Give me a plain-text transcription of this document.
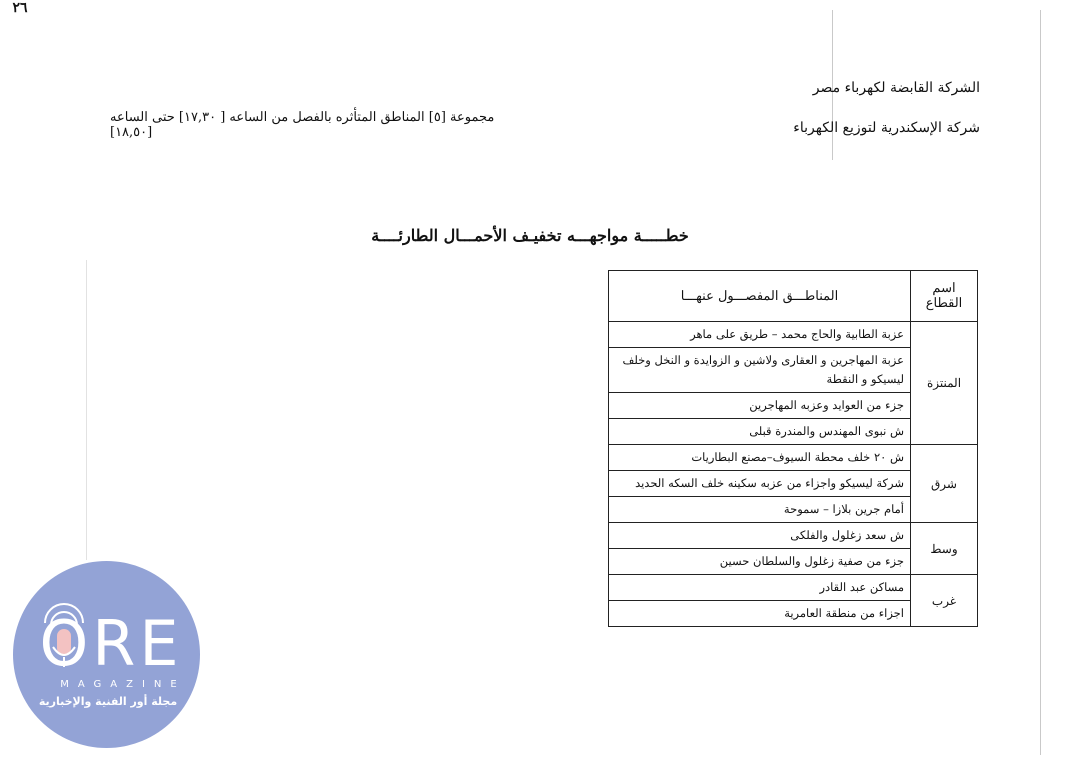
الشركة القابضة لكهرباء مصر
شركة الإسكندرية لتوزيع الكهرباء
مجموعة [٥] المناطق المتأثره بالفصل من الساعه [ ١٧,٣٠] حتى الساعه [١٨,٥٠]
خطـــــة مواجهـــه تخفيـف الأحمـــال الطارئــــة
اسم القطاع	المناطـــق المفصـــول عنهـــا
المنتزة	عزبة الطابية والحاج محمد – طريق على ماهر
	عزبة المهاجرين و العقارى ولاشين و الزوايدة و النخل وخلف ليسيكو و النقطة
	جزء من العوايد وعزبه المهاجرين
	ش نبوى المهندس والمندرة قبلى
شرق	ش ٢٠ خلف محطة السيوف–مصنع البطاريات
	شركة ليسيكو واجزاء من عزبه سكينه خلف السكه الحديد
	أمام جرين بلازا – سموحة
وسط	ش سعد زغلول والفلكى
	جزء من صفية زغلول والسلطان حسين
غرب	مساكن عبد القادر
	اجزاء من منطقة العامرية
٢٦
ORE
MAGAZINE
مجلة أور الفنية والإخبارية
